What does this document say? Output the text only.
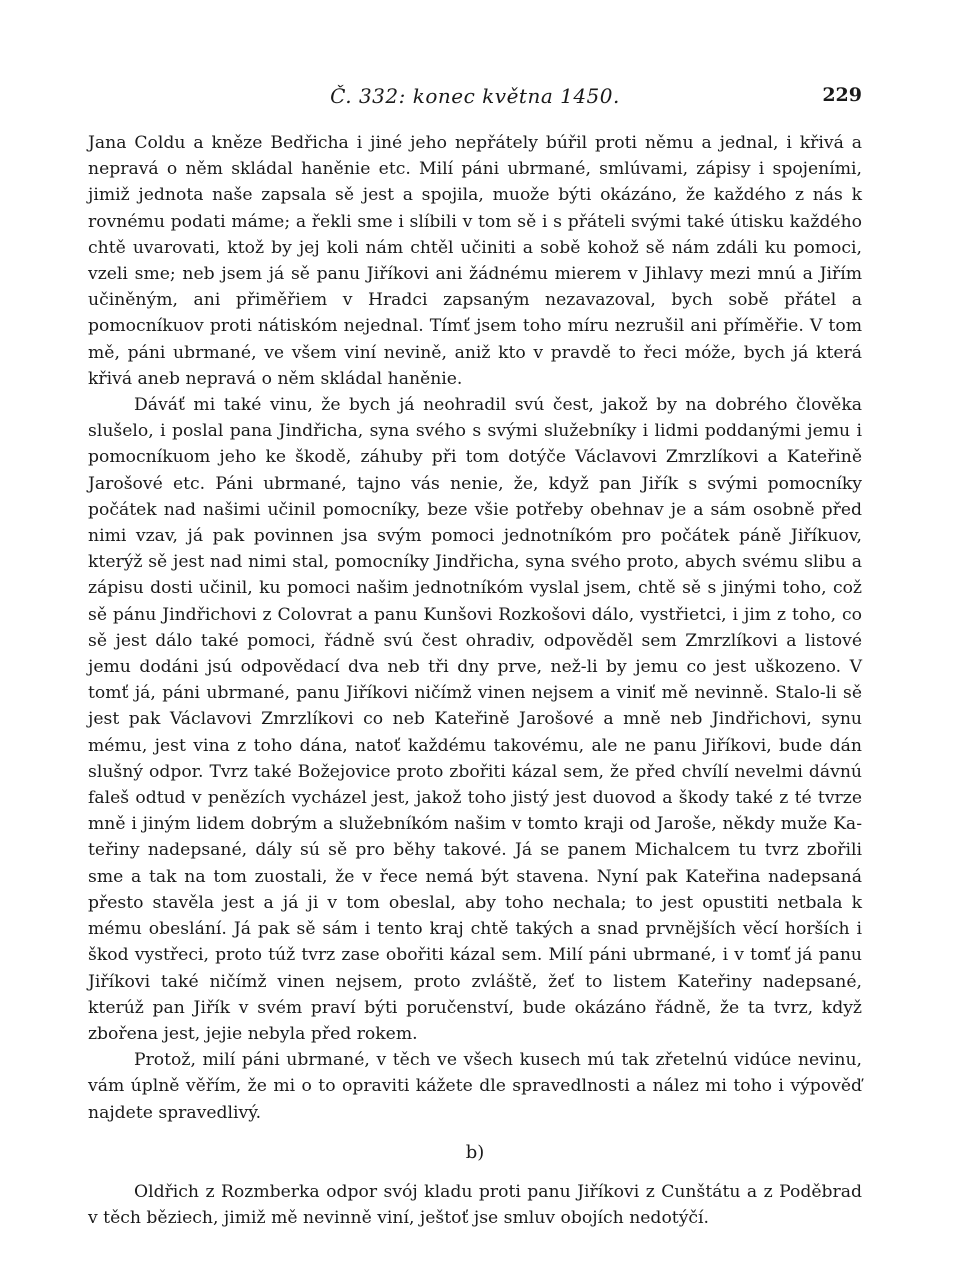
Č. 332: konec května 1450.	229

Jana Coldu a kněze Bedřicha i jiné jeho nepřátely búřil proti němu a jednal, i křivá a nepravá o něm skládal haněnie etc. Milí páni ubrmané, smlúvami, zápisy i spojeními, jimiž jednota naše zapsala sě jest a spojila, muože býti okázáno, že každého z nás k rovnému podati máme; a řekli sme i slíbili v tom sě i s přáteli svými také útisku každého chtě uvarovati, ktož by jej koli nám chtěl učiniti a sobě kohož sě nám zdáli ku pomoci, vzeli sme; neb jsem já sě panu Jiříkovi ani žádnému mierem v Jihlavy mezi mnú a Jiřím učiněným, ani přiměřiem v Hradci zapsaným nezavazoval, bych sobě přátel a pomocníkuov proti nátiskóm nejednal. Tímť jsem toho míru nezrušil ani příměřie. V tom mě, páni ubrmané, ve všem viní nevině, aniž kto v pravdě to řeci móže, bych já která křivá aneb nepravá o něm skládal haněnie.

Dáváť mi také vinu, že bych já neohradil svú čest, jakož by na dobrého člověka slušelo, i poslal pana Jindřicha, syna svého s svými služebníky i lidmi poddanými jemu i pomocníkuom jeho ke škodě, záhuby při tom dotýče Václavovi Zmrzlíkovi a Kateřině Jarošové etc. Páni ubrmané, tajno vás nenie, že, když pan Jiřík s svými pomocníky počátek nad našimi učinil pomocníky, beze všie potřeby obehnav je a sám osobně před nimi vzav, já pak povinnen jsa svým pomoci jednotníkóm pro počátek páně Jiříkuov, kterýž sě jest nad nimi stal, pomocníky Jindřicha, syna svého proto, abych svému slibu a zápisu dosti učinil, ku pomoci našim jednotníkóm vyslal jsem, chtě sě s jinými toho, což sě pánu Jindřichovi z Colovrat a panu Kunšovi Rozkošovi dálo, vystřietci, i jim z toho, co sě jest dálo také pomoci, řádně svú čest ohradiv, odpověděl sem Zmrzlíkovi a listové jemu dodáni jsú odpovědací dva neb tři dny prve, než-li by jemu co jest uškozeno. V tomť já, páni ubrmané, panu Jiříkovi ničímž vinen nejsem a viniť mě nevinně. Stalo-li sě jest pak Václavovi Zmrzlíkovi co neb Kateřině Jarošové a mně neb Jindřichovi, synu mému, jest vina z toho dána, natoť každému takovému, ale ne panu Jiříkovi, bude dán slušný odpor. Tvrz také Božejovice proto zbořiti kázal sem, že před chvílí nevelmi dávnú faleš odtud v penězích vycházel jest, jakož toho jistý jest duovod a škody také z té tvrze mně i jiným lidem dobrým a služebníkóm našim v tomto kraji od Jaroše, někdy muže Kateřiny nadepsané, dály sú sě pro běhy takové. Já se panem Michalcem tu tvrz zbořili sme a tak na tom zuostali, že v řece nemá být stavena. Nyní pak Kateřina nadepsaná přesto stavěla jest a já ji v tom obeslal, aby toho nechala; to jest opustiti netbala k mému obeslání. Já pak sě sám i tento kraj chtě takých a snad prvnějších věcí horších i škod vystřeci, proto túž tvrz zase obořiti kázal sem. Milí páni ubrmané, i v tomť já panu Jiříkovi také ničímž vinen nejsem, proto zvláště, žeť to listem Kateřiny nadepsané, kterúž pan Jiřík v svém praví býti poručenství, bude okázáno řádně, že ta tvrz, když zbořena jest, jejie nebyla před rokem.

Protož, milí páni ubrmané, v těch ve všech kusech mú tak zřetelnú vidúce nevinu, vám úplně věřím, že mi o to opraviti kážete dle spravedlnosti a nález mi toho i výpověď najdete spravedlivý.

b)

Oldřich z Rozmberka odpor svój kladu proti panu Jiříkovi z Cunštátu a z Poděbrad v těch běziech, jimiž mě nevinně viní, ještoť jse smluv obojích nedotýčí.
